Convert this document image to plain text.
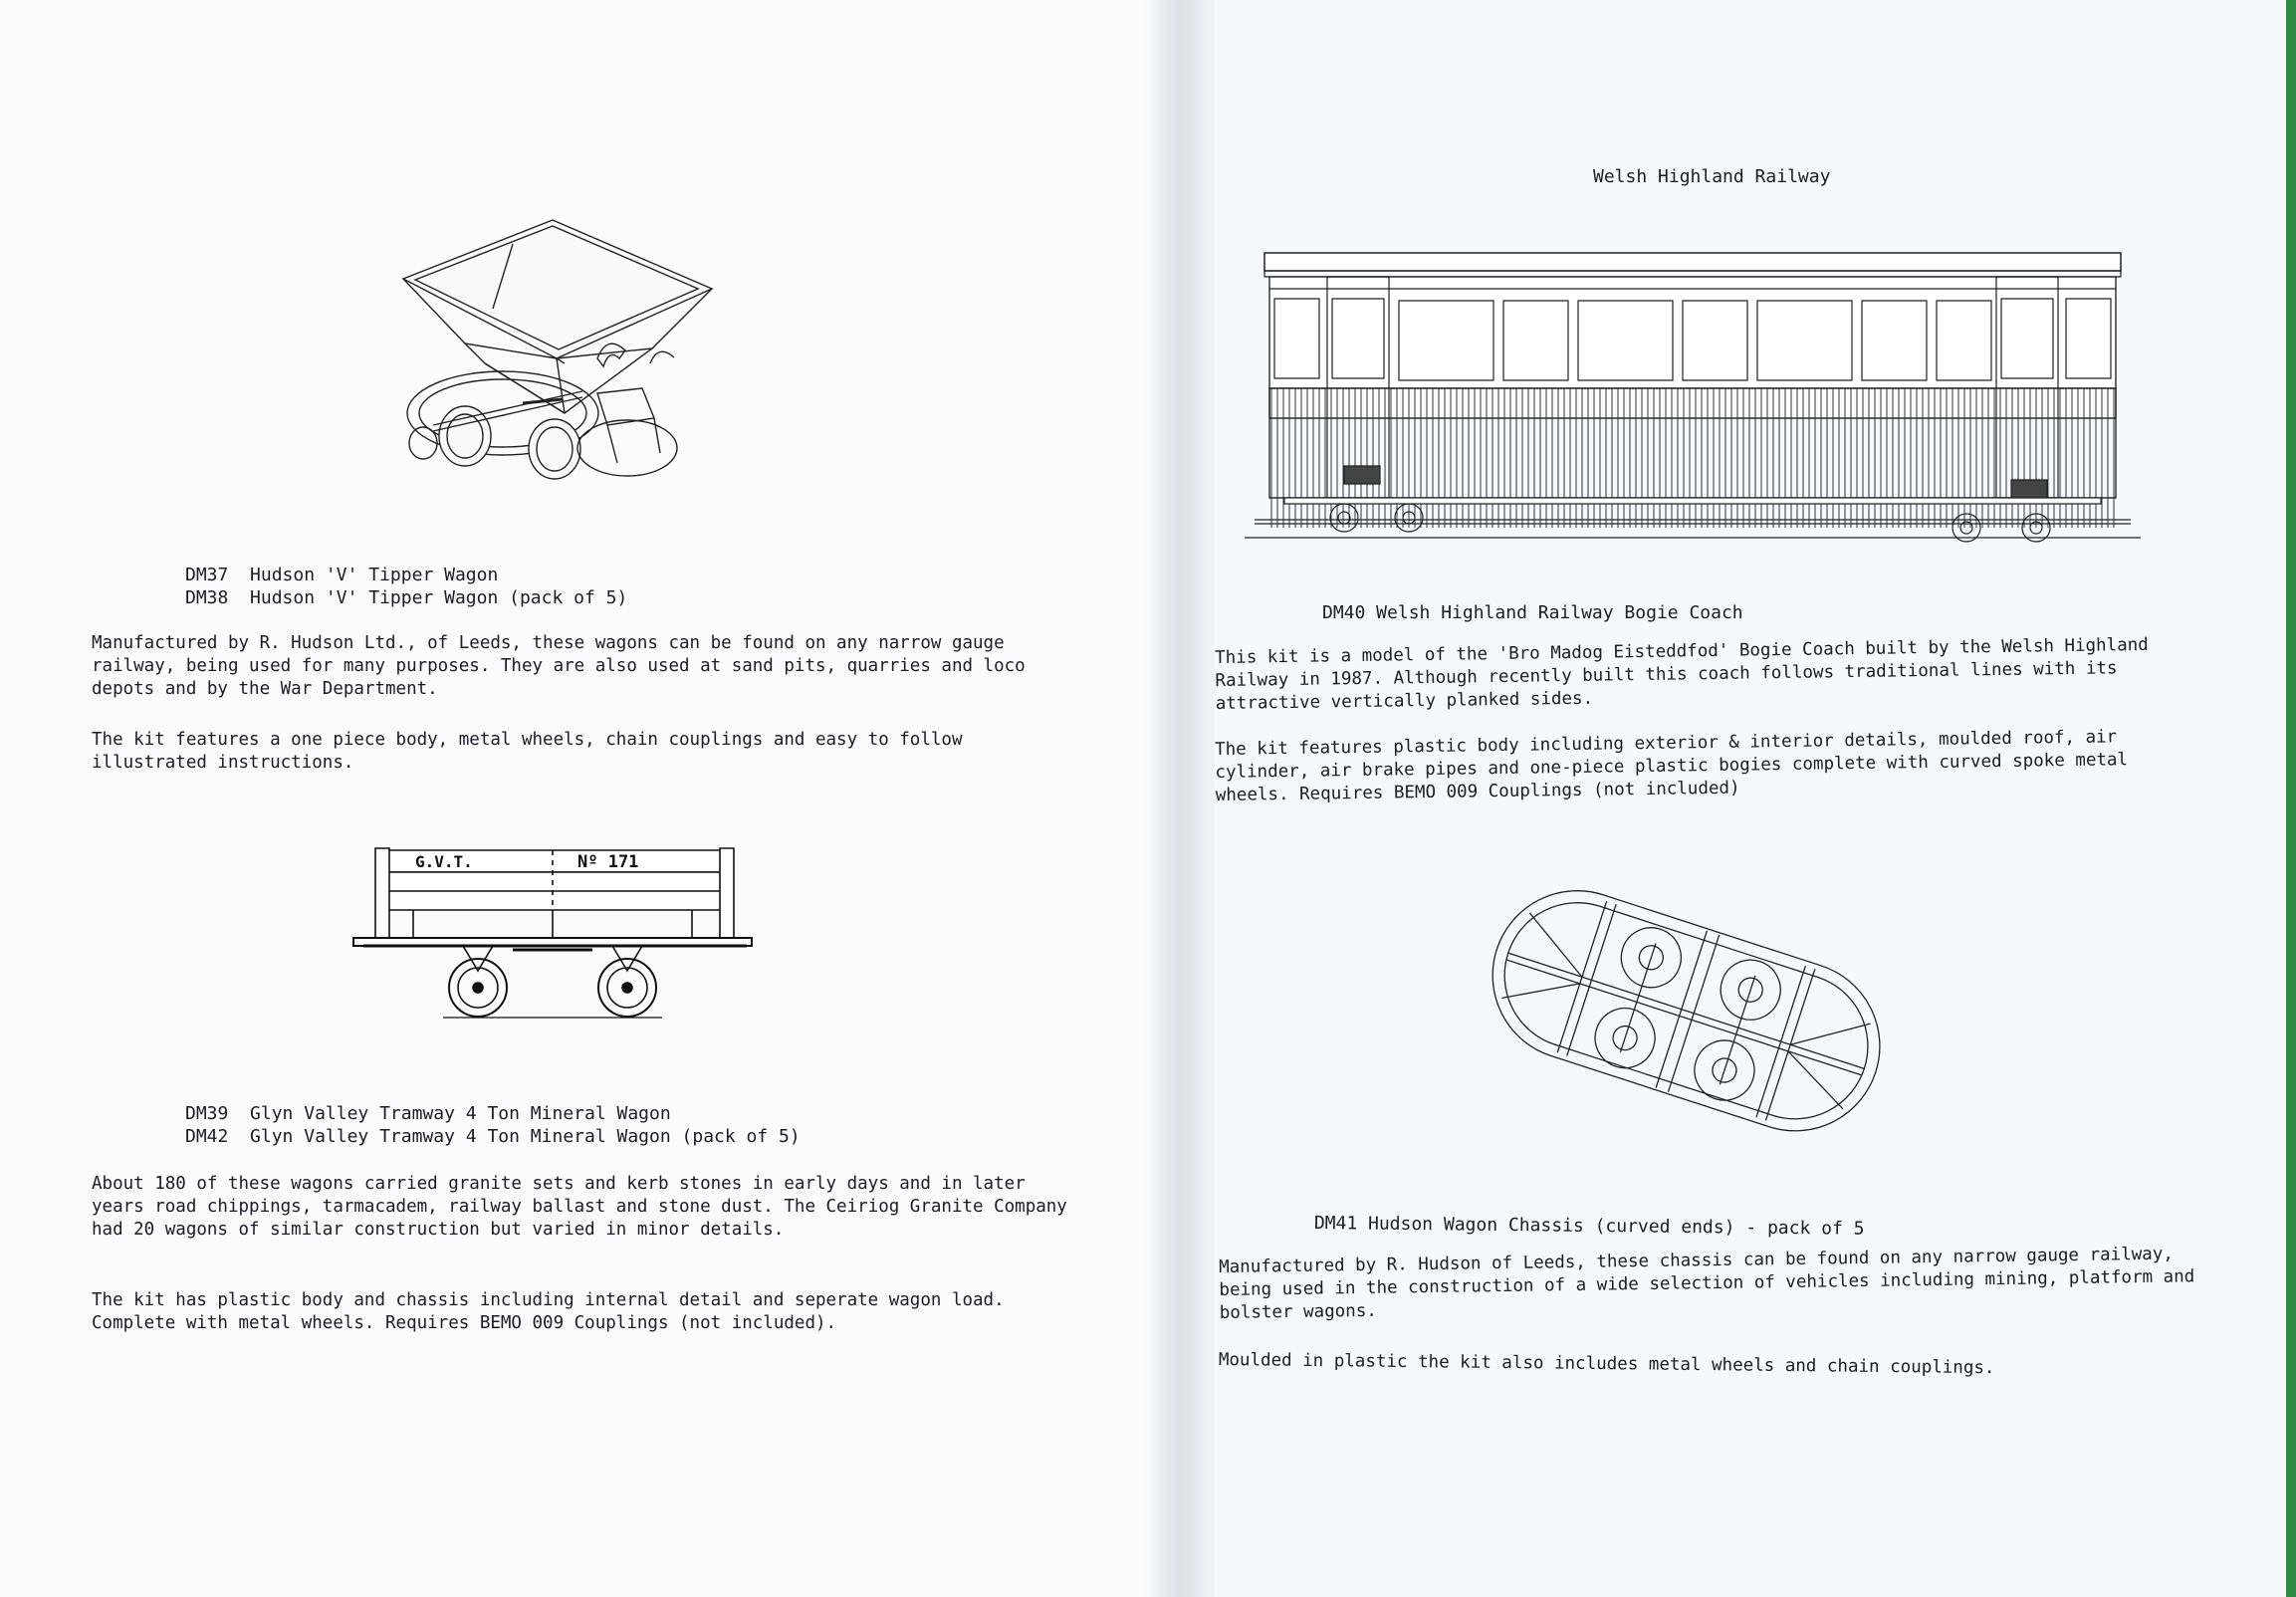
DM37 Hudson 'V' Tipper Wagon
DM38 Hudson 'V' Tipper Wagon (pack of 5)
Manufactured by R. Hudson Ltd., of Leeds, these wagons can be found on any narrow gauge railway, being used for many purposes. They are also used at sand pits, quarries and loco depots and by the War Department.
The kit features a one piece body, metal wheels, chain couplings and easy to follow illustrated instructions.
G.V.T.	Nº 171
DM39 Glyn Valley Tramway 4 Ton Mineral Wagon
DM42 Glyn Valley Tramway 4 Ton Mineral Wagon (pack of 5)
About 180 of these wagons carried granite sets and kerb stones in early days and in later years road chippings, tarmacadem, railway ballast and stone dust. The Ceiriog Granite Company had 20 wagons of similar construction but varied in minor details.
The kit has plastic body and chassis including internal detail and seperate wagon load. Complete with metal wheels. Requires BEMO 009 Couplings (not included).
Welsh Highland Railway
DM40 Welsh Highland Railway Bogie Coach
This kit is a model of the 'Bro Madog Eisteddfod' Bogie Coach built by the Welsh Highland Railway in 1987. Although recently built this coach follows traditional lines with its attractive vertically planked sides.
The kit features plastic body including exterior & interior details, moulded roof, air cylinder, air brake pipes and one-piece plastic bogies complete with curved spoke metal wheels. Requires BEMO 009 Couplings (not included)
DM41 Hudson Wagon Chassis (curved ends) - pack of 5
Manufactured by R. Hudson of Leeds, these chassis can be found on any narrow gauge railway, being used in the construction of a wide selection of vehicles including mining, platform and bolster wagons.
Moulded in plastic the kit also includes metal wheels and chain couplings.
